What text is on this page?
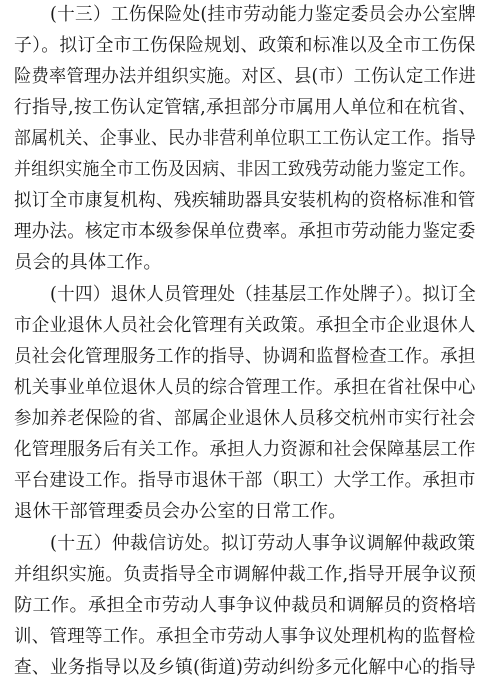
(十三）工伤保险处(挂市劳动能力鉴定委员会办公室牌
子）。拟订全市工伤保险规划、政策和标准以及全市工伤保
险费率管理办法并组织实施。对区、县(市）工伤认定工作进
行指导,按工伤认定管辖,承担部分市属用人单位和在杭省、
部属机关、企事业、民办非营利单位职工工伤认定工作。指导
并组织实施全市工伤及因病、非因工致残劳动能力鉴定工作。
拟订全市康复机构、残疾辅助器具安装机构的资格标准和管
理办法。核定市本级参保单位费率。承担市劳动能力鉴定委
员会的具体工作。
(十四）退休人员管理处（挂基层工作处牌子）。拟订全
市企业退休人员社会化管理有关政策。承担全市企业退休人
员社会化管理服务工作的指导、协调和监督检查工作。承担
机关事业单位退休人员的综合管理工作。承担在省社保中心
参加养老保险的省、部属企业退休人员移交杭州市实行社会
化管理服务后有关工作。承担人力资源和社会保障基层工作
平台建设工作。指导市退休干部（职工）大学工作。承担市
退休干部管理委员会办公室的日常工作。
(十五）仲裁信访处。拟订劳动人事争议调解仲裁政策
并组织实施。负责指导全市调解仲裁工作,指导开展争议预
防工作。承担全市劳动人事争议仲裁员和调解员的资格培
训、管理等工作。承担全市劳动人事争议处理机构的监督检
查、业务指导以及乡镇(街道)劳动纠纷多元化解中心的指导
